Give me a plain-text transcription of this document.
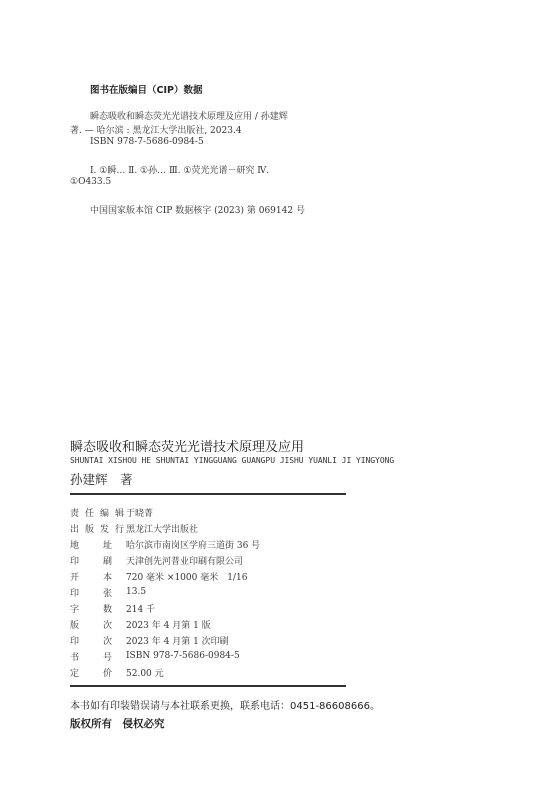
图书在版编目（CIP）数据
瞬态吸收和瞬态荧光光谱技术原理及应用 / 孙建辉
著. — 哈尔滨 : 黑龙江大学出版社, 2023.4
ISBN 978-7-5686-0984-5
Ⅰ. ①瞬… Ⅱ. ①孙… Ⅲ. ①荧光光谱－研究 Ⅳ.
①O433.5
中国国家版本馆 CIP 数据核字 (2023) 第 069142 号
瞬态吸收和瞬态荧光光谱技术原理及应用
SHUNTAI XISHOU HE SHUNTAI YINGGUANG GUANGPU JISHU YUANLI JI YINGYONG
孙建辉　著
责 任 编 辑 于晓菁
出 版 发 行 黑龙江大学出版社
地	址 哈尔滨市南岗区学府三道街 36 号
印	刷 天津创先河普业印刷有限公司
开	本 720 毫米 ×1000 毫米　1/16
印	张 13.5
字	数 214 千
版	次 2023 年 4 月第 1 版
印	次 2023 年 4 月第 1 次印刷
书	号 ISBN 978-7-5686-0984-5
定	价 52.00 元
本书如有印装错误请与本社联系更换，联系电话：0451-86608666。
版权所有　侵权必究
